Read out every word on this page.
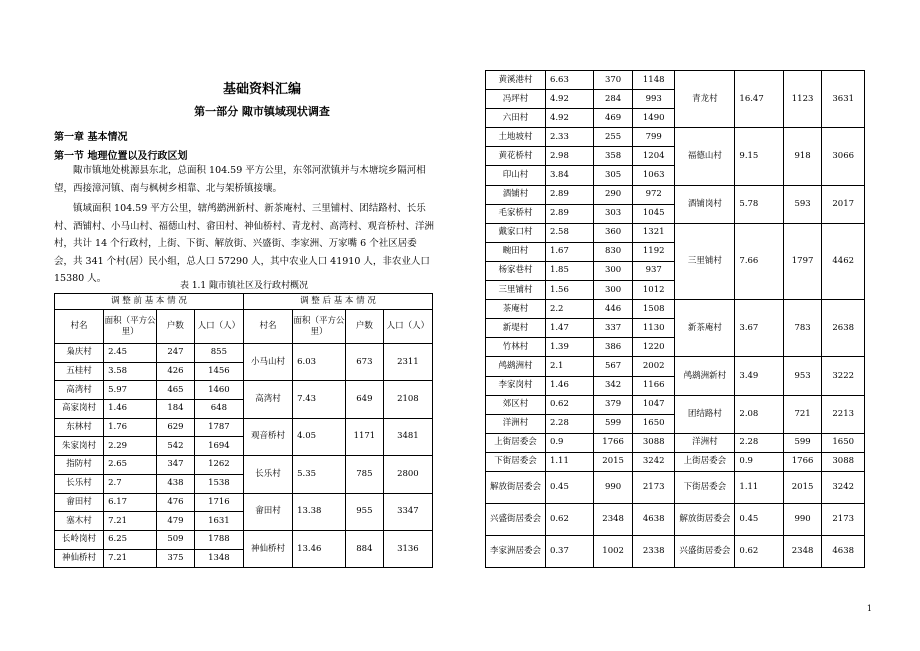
基础资料汇编
第一部分 陬市镇域现状调查
第一章 基本情况
第一节 地理位置以及行政区划

陬市镇地处桃源县东北，总面积 104.59 平方公里，东邻河洑镇并与木塘垸乡隔河相望，西接漳河镇、南与枫树乡相靠、北与架桥镇接壤。

镇域面积 104.59 平方公里，辖鸬鹚洲新村、新茶庵村、三里铺村、团结路村、长乐村、酒铺村、小马山村、福德山村、畲田村、神仙桥村、青龙村、高湾村、观音桥村、洋洲村，共计 14 个行政村，上街、下街、解放街、兴盛街、李家洲、万家嘴 6 个社区居委会，共 341 个村(居）民小组，总人口 57290 人，其中农业人口 41910 人，非农业人口 15380 人。

表 1.1 陬市镇社区及行政村概况
调 整 前 基 本 情 况				调 整 后 基 本 情 况			
村名	面积（平方公里）	户数	人口（人）	村名	面积（平方公里）	户数	人口（人）
枭庆村	2.45	247	855	小马山村	6.03	673	2311
五桂村	3.58	426	1456				
高湾村	5.97	465	1460	高湾村	7.43	649	2108
高家岗村	1.46	184	648				
东林村	1.76	629	1787	观音桥村	4.05	1171	3481
朱家岗村	2.29	542	1694				
指防村	2.65	347	1262	长乐村	5.35	785	2800
长乐村	2.7	438	1538				
畲田村	6.17	476	1716	畲田村	13.38	955	3347
塞木村	7.21	479	1631				
长岭岗村	6.25	509	1788	神仙桥村	13.46	884	3136
神仙桥村	7.21	375	1348				
黄溪港村	6.63	370	1148	青龙村	16.47	1123	3631
冯坪村	4.92	284	993				
六田村	4.92	469	1490				
土地坡村	2.33	255	799	福德山村	9.15	918	3066
黄花桥村	2.98	358	1204				
印山村	3.84	305	1063				
酒铺村	2.89	290	972	酒铺岗村	5.78	593	2017
毛家桥村	2.89	303	1045				
戴家口村	2.58	360	1321	三里铺村	7.66	1797	4462
畹田村	1.67	830	1192				
杨家巷村	1.85	300	937				
三里铺村	1.56	300	1012				
茶庵村	2.2	446	1508	新茶庵村	3.67	783	2638
新堤村	1.47	337	1130				
竹林村	1.39	386	1220				
鸬鹚洲村	2.1	567	2002	鸬鹚洲新村	3.49	953	3222
李家岗村	1.46	342	1166				
郊区村	0.62	379	1047	团结路村	2.08	721	2213
洋洲村	2.28	599	1650				
上街居委会	0.9	1766	3088	洋洲村	2.28	599	1650
下街居委会	1.11	2015	3242	上街居委会	0.9	1766	3088
解放街居委会	0.45	990	2173	下街居委会	1.11	2015	3242
兴盛街居委会	0.62	2348	4638	解放街居委会	0.45	990	2173
李家洲居委会	0.37	1002	2338	兴盛街居委会	0.62	2348	4638
1
